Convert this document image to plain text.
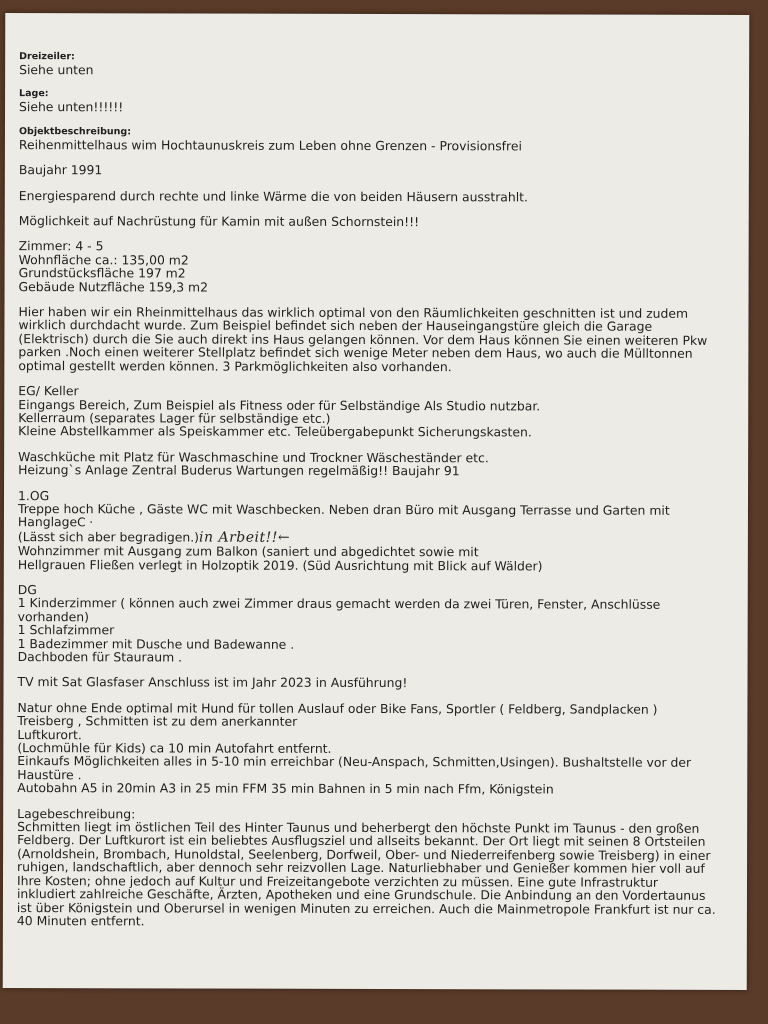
Dreizeiler:
Siehe unten
Lage:
Siehe unten!!!!!!
Objektbeschreibung:
Reihenmittelhaus wim Hochtaunuskreis zum Leben ohne Grenzen - Provisionsfrei
Baujahr 1991
Energiesparend durch rechte und linke Wärme die von beiden Häusern ausstrahlt.
Möglichkeit auf Nachrüstung für Kamin mit außen Schornstein!!!
Zimmer: 4 - 5
Wohnfläche ca.: 135,00 m2
Grundstücksfläche 197 m2
Gebäude Nutzfläche 159,3 m2
Hier haben wir ein Rheinmittelhaus das wirklich optimal von den Räumlichkeiten geschnitten ist und zudem
wirklich durchdacht wurde. Zum Beispiel befindet sich neben der Hauseingangstüre gleich die Garage
(Elektrisch) durch die Sie auch direkt ins Haus gelangen können. Vor dem Haus können Sie einen weiteren Pkw
parken .Noch einen weiterer Stellplatz befindet sich wenige Meter neben dem Haus, wo auch die Mülltonnen
optimal gestellt werden können. 3 Parkmöglichkeiten also vorhanden.
EG/ Keller
Eingangs Bereich, Zum Beispiel als Fitness oder für Selbständige Als Studio nutzbar.
Kellerraum (separates Lager für selbständige etc.)
Kleine Abstellkammer als Speiskammer etc. Teleübergabepunkt Sicherungskasten.
Waschküche mit Platz für Waschmaschine und Trockner Wäscheständer etc.
Heizung`s Anlage Zentral Buderus Wartungen regelmäßig!! Baujahr 91
1.OG
Treppe hoch Küche , Gäste WC mit Waschbecken. Neben dran Büro mit Ausgang Terrasse und Garten mit
HanglageC ·
(Lässt sich aber begradigen.)in Arbeit!!←
Wohnzimmer mit Ausgang zum Balkon (saniert und abgedichtet sowie mit
Hellgrauen Fließen verlegt in Holzoptik 2019. (Süd Ausrichtung mit Blick auf Wälder)
DG
1 Kinderzimmer ( können auch zwei Zimmer draus gemacht werden da zwei Türen, Fenster, Anschlüsse
vorhanden)
1 Schlafzimmer
1 Badezimmer mit Dusche und Badewanne .
Dachboden für Stauraum .
TV mit Sat Glasfaser Anschluss ist im Jahr 2023 in Ausführung!
Natur ohne Ende optimal mit Hund für tollen Auslauf oder Bike Fans, Sportler ( Feldberg, Sandplacken )
Treisberg , Schmitten ist zu dem anerkannter
Luftkurort.
(Lochmühle für Kids) ca 10 min Autofahrt entfernt.
Einkaufs Möglichkeiten alles in 5-10 min erreichbar (Neu-Anspach, Schmitten,Usingen). Bushaltstelle vor der
Haustüre .
Autobahn A5 in 20min A3 in 25 min FFM 35 min Bahnen in 5 min nach Ffm, Königstein
Lagebeschreibung:
Schmitten liegt im östlichen Teil des Hinter Taunus und beherbergt den höchste Punkt im Taunus - den großen
Feldberg. Der Luftkurort ist ein beliebtes Ausflugsziel und allseits bekannt. Der Ort liegt mit seinen 8 Ortsteilen
(Arnoldshein, Brombach, Hunoldstal, Seelenberg, Dorfweil, Ober- und Niederreifenberg sowie Treisberg) in einer
ruhigen, landschaftlich, aber dennoch sehr reizvollen Lage. Naturliebhaber und Genießer kommen hier voll auf
Ihre Kosten; ohne jedoch auf Kultur und Freizeitangebote verzichten zu müssen. Eine gute Infrastruktur
inkludiert zahlreiche Geschäfte, Ärzten, Apotheken und eine Grundschule. Die Anbindung an den Vordertaunus
ist über Königstein und Oberursel in wenigen Minuten zu erreichen. Auch die Mainmetropole Frankfurt ist nur ca.
40 Minuten entfernt.
